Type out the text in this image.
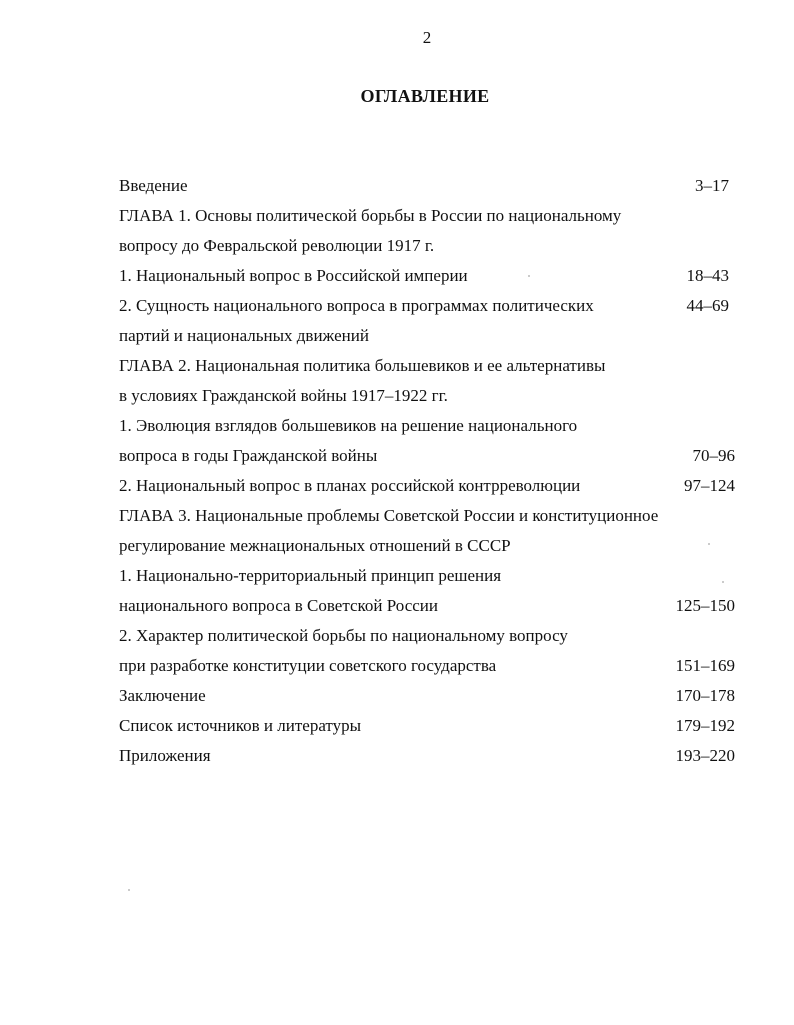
2
ОГЛАВЛЕНИЕ
Введение	3–17
ГЛАВА 1. Основы политической борьбы в России по национальному
вопросу до Февральской революции 1917 г.
1. Национальный вопрос в Российской империи	18–43
2. Сущность национального вопроса в программах политических	44–69
партий и национальных движений
ГЛАВА 2. Национальная политика большевиков и ее альтернативы
в условиях Гражданской войны 1917–1922 гг.
1. Эволюция взглядов большевиков на решение национального
вопроса в годы Гражданской войны	70–96
2. Национальный вопрос в планах российской контрреволюции	97–124
ГЛАВА 3. Национальные проблемы Советской России и конституционное
регулирование межнациональных отношений в СССР
1. Национально-территориальный принцип решения
национального вопроса в Советской России	125–150
2. Характер политической борьбы по национальному вопросу
при разработке конституции советского государства	151–169
Заключение	170–178
Список источников и литературы	179–192
Приложения	193–220
